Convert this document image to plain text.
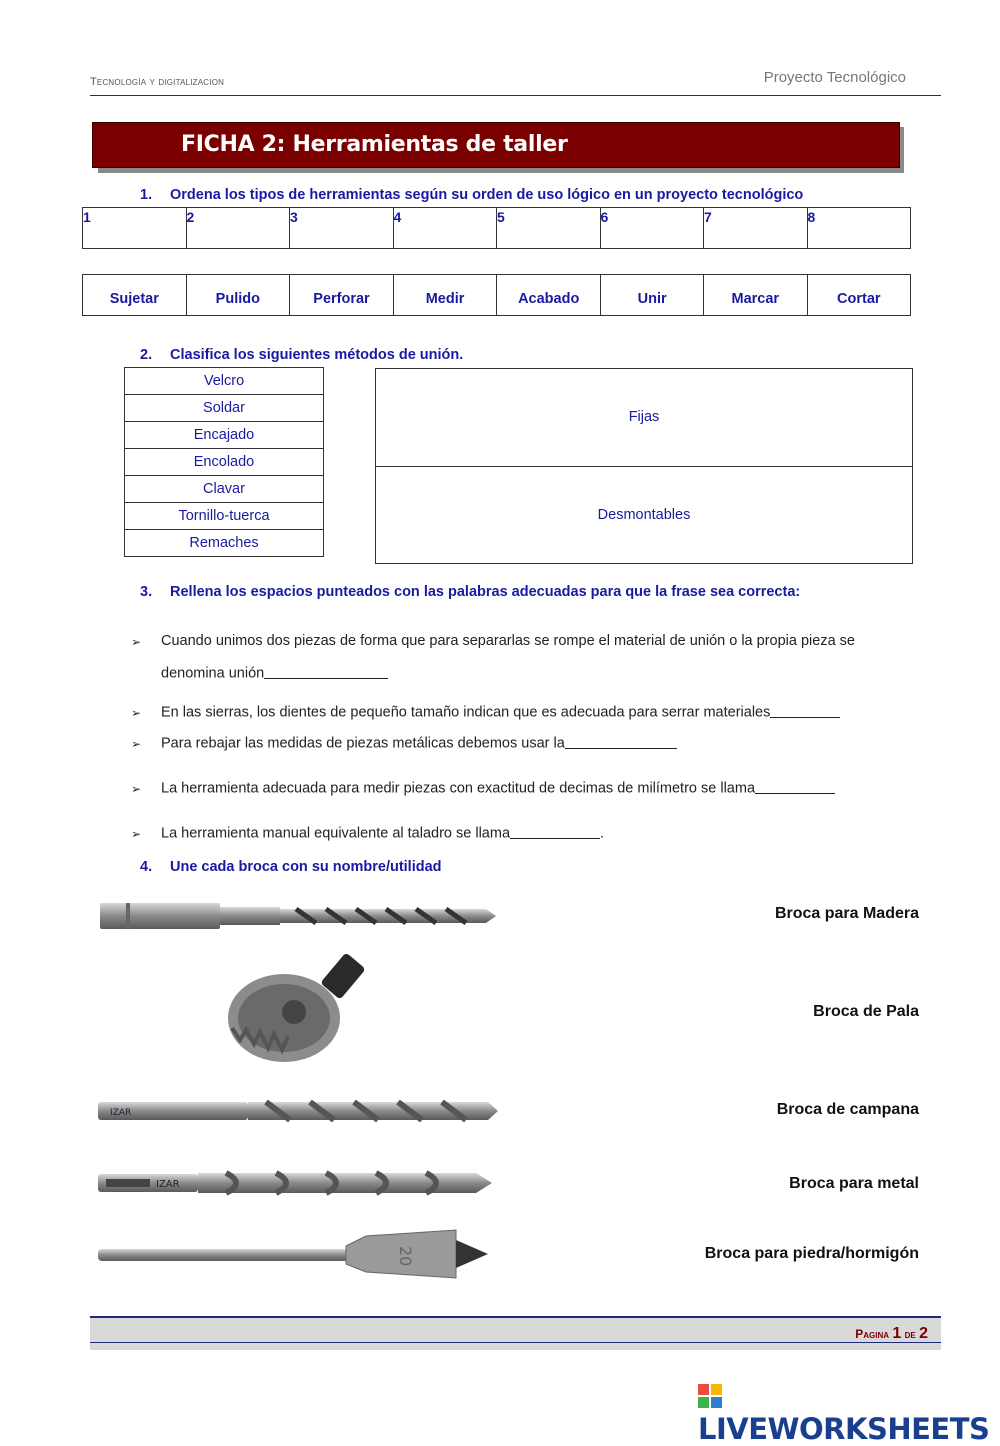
Tecnología y digitalizacion	Proyecto Tecnológico
FICHA 2: Herramientas de taller
1. Ordena los tipos de herramientas según su orden de uso lógico en un proyecto tecnológico
1	2	3	4	5	6	7	8
Sujetar	Pulido	Perforar	Medir	Acabado	Unir	Marcar	Cortar
2. Clasifica los siguientes métodos de unión.
Velcro
Soldar
Encajado
Encolado
Clavar
Tornillo-tuerca
Remaches
Fijas
Desmontables
3. Rellena los espacios punteados con las palabras adecuadas para que la frase sea correcta:
➢ Cuando unimos dos piezas de forma que para separarlas se rompe el material de unión o la propia pieza se
denomina unión
➢ En las sierras, los dientes de pequeño tamaño indican que es adecuada para serrar materiales
➢ Para rebajar las medidas de piezas metálicas debemos usar la
➢ La herramienta adecuada para medir piezas con exactitud de decimas de milímetro se llama
➢ La herramienta manual equivalente al taladro se llama	.
4. Une cada broca con su nombre/utilidad
IZAR
IZAR
20
Broca para Madera
Broca de Pala
Broca de campana
Broca para metal
Broca para piedra/hormigón
Pagina 1 de 2
LIVEWORKSHEETS
